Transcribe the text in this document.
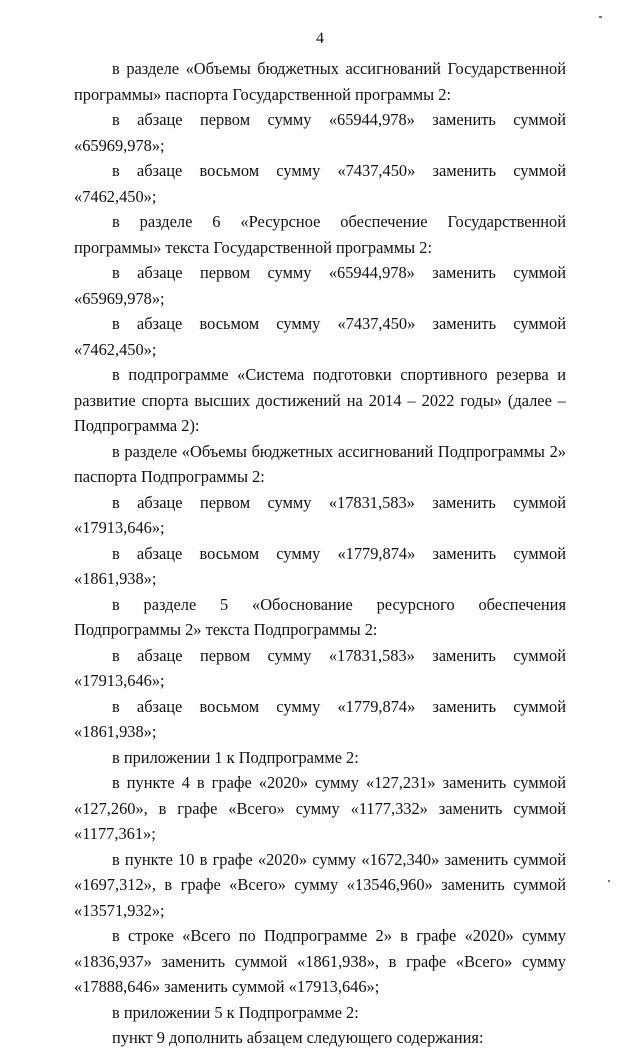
4

в разделе «Объемы бюджетных ассигнований Государственной программы» паспорта Государственной программы 2:

в абзаце первом сумму «65944,978» заменить суммой «65969,978»;

в абзаце восьмом сумму «7437,450» заменить суммой «7462,450»;

в разделе 6 «Ресурсное обеспечение Государственной программы» текста Государственной программы 2:

в абзаце первом сумму «65944,978» заменить суммой «65969,978»;

в абзаце восьмом сумму «7437,450» заменить суммой «7462,450»;

в подпрограмме «Система подготовки спортивного резерва и развитие спорта высших достижений на 2014 – 2022 годы» (далее – Подпрограмма 2):

в разделе «Объемы бюджетных ассигнований Подпрограммы 2» паспорта Подпрограммы 2:

в абзаце первом сумму «17831,583» заменить суммой «17913,646»;

в абзаце восьмом сумму «1779,874» заменить суммой «1861,938»;

в разделе 5 «Обоснование ресурсного обеспечения Подпрограммы 2» текста Подпрограммы 2:

в абзаце первом сумму «17831,583» заменить суммой «17913,646»;

в абзаце восьмом сумму «1779,874» заменить суммой «1861,938»;

в приложении 1 к Подпрограмме 2:

в пункте 4 в графе «2020» сумму «127,231» заменить суммой «127,260», в графе «Всего» сумму «1177,332» заменить суммой «1177,361»;

в пункте 10 в графе «2020» сумму «1672,340» заменить суммой «1697,312», в графе «Всего» сумму «13546,960» заменить суммой «13571,932»;

в строке «Всего по Подпрограмме 2» в графе «2020» сумму «1836,937» заменить суммой «1861,938», в графе «Всего» сумму «17888,646» заменить суммой «17913,646»;

в приложении 5 к Подпрограмме 2:

пункт 9 дополнить абзацем следующего содержания:
